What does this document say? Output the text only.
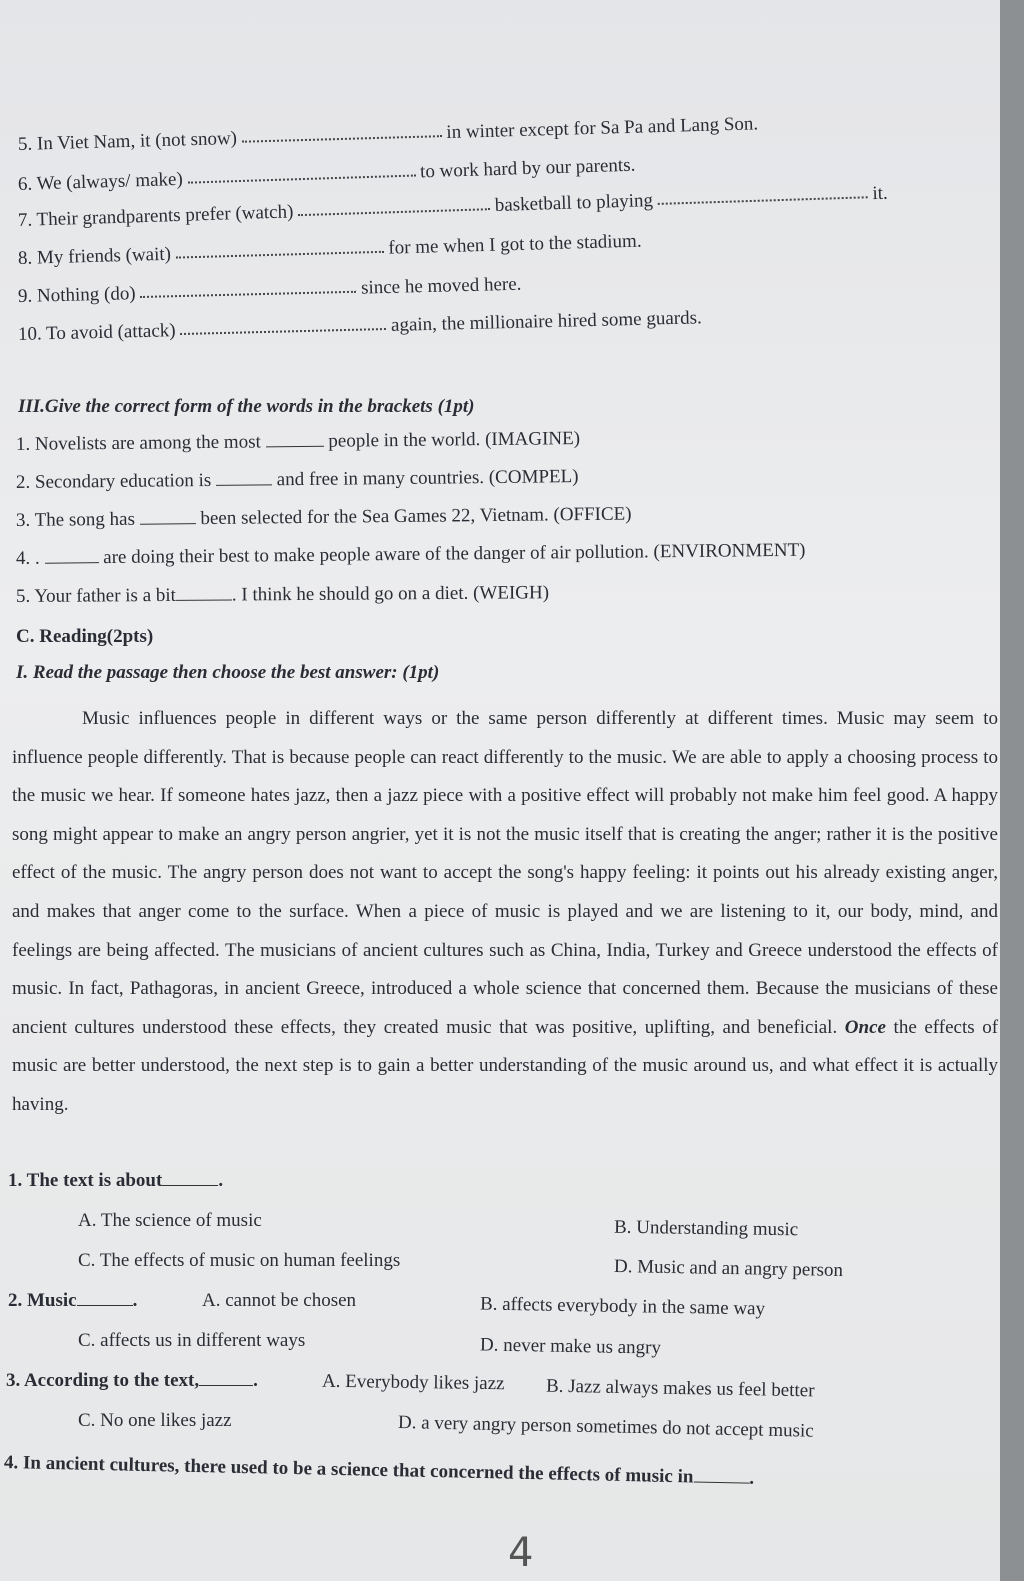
5. In Viet Nam, it (not snow)	in winter except for Sa Pa and Lang Son.
6. We (always/ make)	to work hard by our parents.
7. Their grandparents prefer (watch)	basketball to playing	it.
8. My friends (wait)	for me when I got to the stadium.
9. Nothing (do)	since he moved here.
10. To avoid (attack)	again, the millionaire hired some guards.
III.Give the correct form of the words in the brackets (1pt)
1. Novelists are among the most	people in the world. (IMAGINE)
2. Secondary education is	and free in many countries. (COMPEL)
3. The song has	been selected for the Sea Games 22, Vietnam. (OFFICE)
4. .	are doing their best to make people aware of the danger of air pollution. (ENVIRONMENT)
5. Your father is a bit	. I think he should go on a diet. (WEIGH)
C. Reading(2pts)
I. Read the passage then choose the best answer: (1pt)
Music influences people in different ways or the same person differently at different times. Music may seem to influence people differently. That is because people can react differently to the music. We are able to apply a choosing process to the music we hear. If someone hates jazz, then a jazz piece with a positive effect will probably not make him feel good. A happy song might appear to make an angry person angrier, yet it is not the music itself that is creating the anger; rather it is the positive effect of the music. The angry person does not want to accept the song's happy feeling: it points out his already existing anger, and makes that anger come to the surface. When a piece of music is played and we are listening to it, our body, mind, and feelings are being affected. The musicians of ancient cultures such as China, India, Turkey and Greece understood the effects of music. In fact, Pathagoras, in ancient Greece, introduced a whole science that concerned them. Because the musicians of these ancient cultures understood these effects, they created music that was positive, uplifting, and beneficial. Once the effects of music are better understood, the next step is to gain a better understanding of the music around us, and what effect it is actually having.
1. The text is about	.
A. The science of music	B. Understanding music
C. The effects of music on human feelings	D. Music and an angry person
2. Music	.	A. cannot be chosen	B. affects everybody in the same way
C. affects us in different ways	D. never make us angry
3. According to the text,	.	A. Everybody likes jazz B. Jazz always makes us feel better
C. No one likes jazz	D. a very angry person sometimes do not accept music
4. In ancient cultures, there used to be a science that concerned the effects of music in	.
4
